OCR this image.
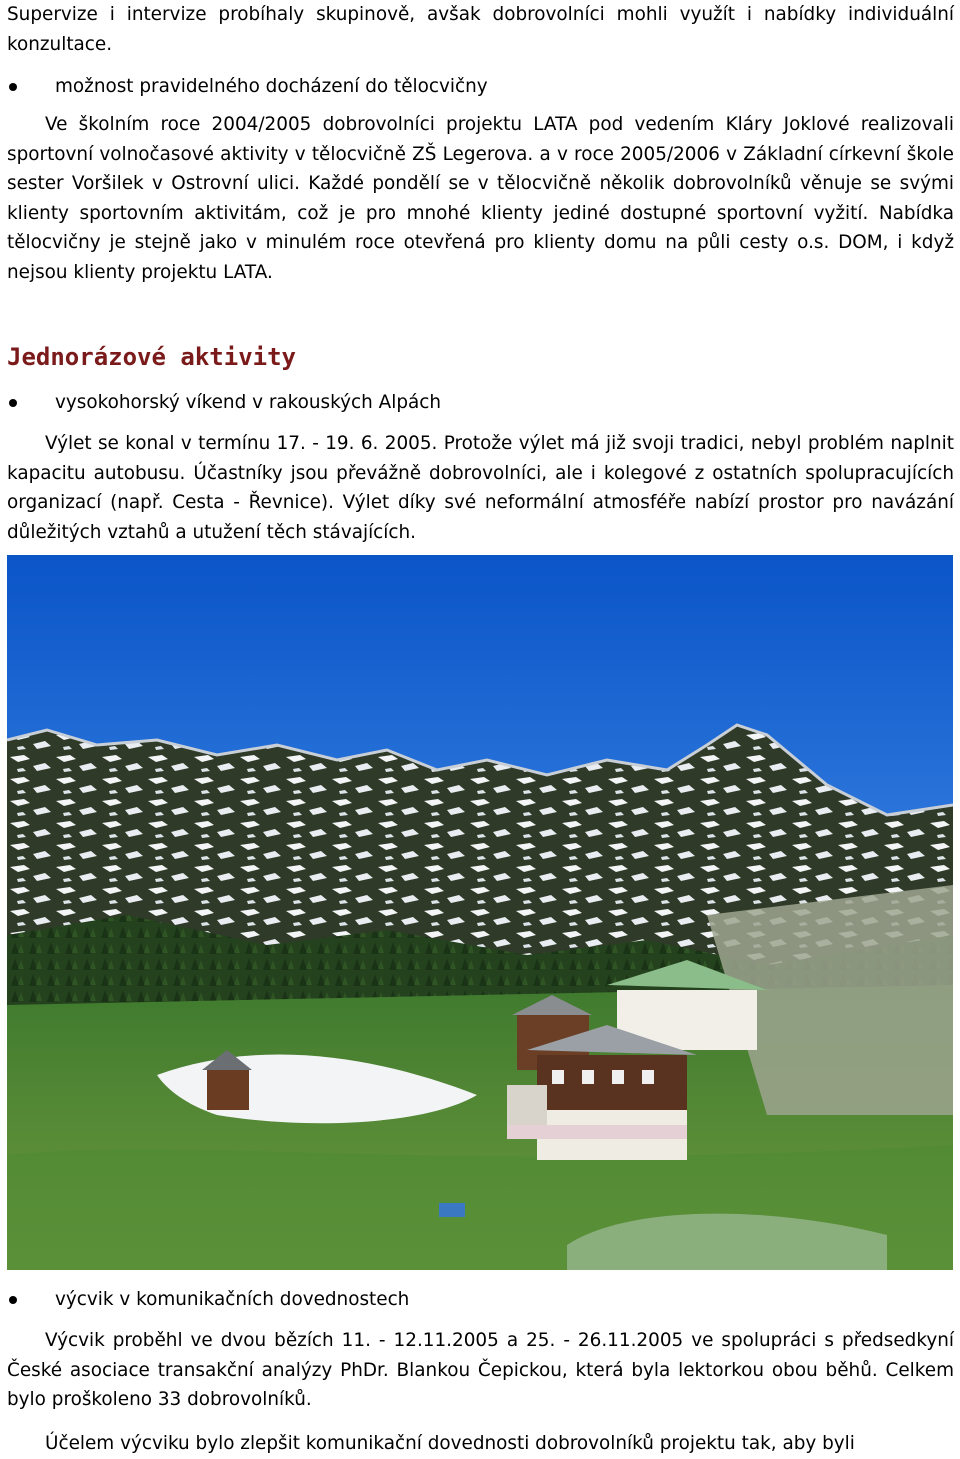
Supervize i intervize probíhaly skupinově, avšak dobrovolníci mohli využít i nabídky individuální konzultace.

možnost pravidelného docházení do tělocvičny

Ve školním roce 2004/2005 dobrovolníci projektu LATA pod vedením Kláry Joklové realizovali sportovní volnočasové aktivity v tělocvičně ZŠ Legerova. a v roce 2005/2006 v Základní církevní škole sester Voršilek v Ostrovní ulici. Každé pondělí se v tělocvičně několik dobrovolníků věnuje se svými klienty sportovním aktivitám, což je pro mnohé klienty jediné dostupné sportovní vyžití. Nabídka tělocvičny je stejně jako v minulém roce otevřená pro klienty domu na půli cesty o.s. DOM, i když nejsou klienty projektu LATA.

Jednorázové aktivity
vysokohorský víkend v rakouských Alpách

Výlet se konal v termínu 17. - 19. 6. 2005. Protože výlet má již svoji tradici, nebyl problém naplnit kapacitu autobusu. Účastníky jsou převážně dobrovolníci, ale i kolegové z ostatních spolupracujících organizací (např. Cesta - Řevnice). Výlet díky své neformální atmosféře nabízí prostor pro navázání důležitých vztahů a utužení těch stávajících.

výcvik v komunikačních dovednostech

Výcvik proběhl ve dvou bězích 11. - 12.11.2005 a 25. - 26.11.2005 ve spolupráci s předsedkyní České asociace transakční analýzy PhDr. Blankou Čepickou, která byla lektorkou obou běhů. Celkem bylo proškoleno 33 dobrovolníků.

Účelem výcviku bylo zlepšit komunikační dovednosti dobrovolníků projektu tak, aby byli
